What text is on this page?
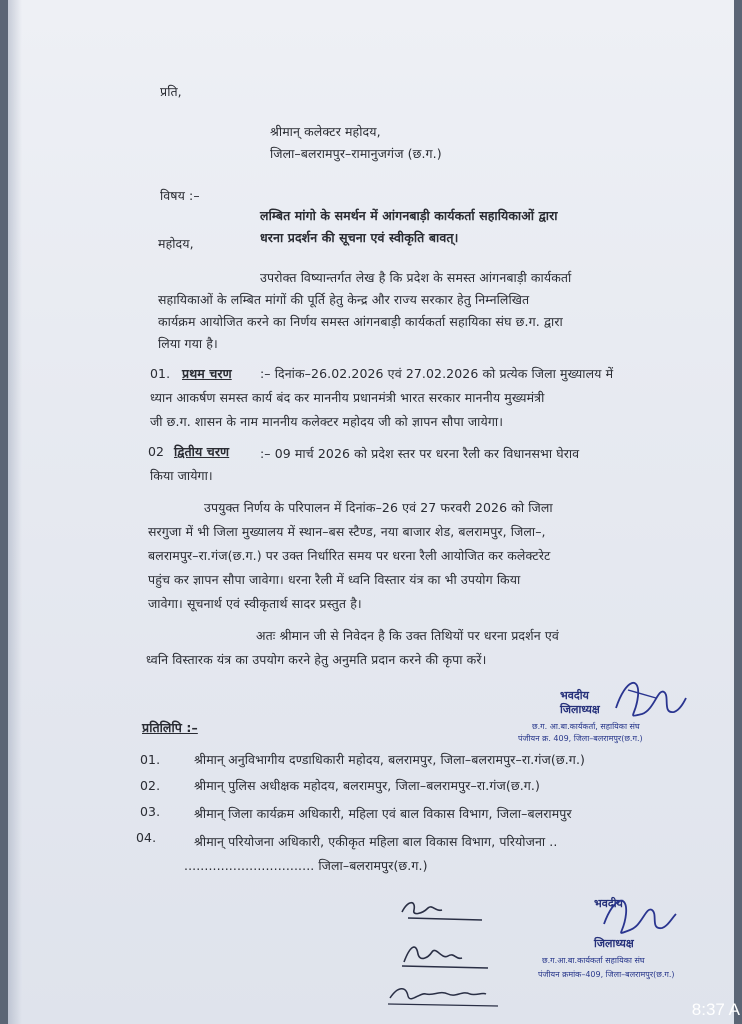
प्रति,
श्रीमान् कलेक्टर महोदय,
जिला–बलरामपुर–रामानुजगंज (छ.ग.)
विषय :–
लम्बित मांगो के समर्थन में आंगनबाड़ी कार्यकर्ता सहायिकाओं द्वारा
धरना प्रदर्शन की सूचना एवं स्वीकृति बावत्।
महोदय,
उपरोक्त विष्यान्तर्गत लेख है कि प्रदेश के समस्त आंगनबाड़ी कार्यकर्ता
सहायिकाओं के लम्बित मांगों की पूर्ति हेतु केन्द्र और राज्य सरकार हेतु निम्नलिखित
कार्यक्रम आयोजित करने का निर्णय समस्त आंगनबाड़ी कार्यकर्ता सहायिका संघ छ.ग. द्वारा
लिया गया है।
01. प्रथम चरण :– दिनांक–26.02.2026 एवं 27.02.2026 को प्रत्येक जिला मुख्यालय में
ध्यान आकर्षण समस्त कार्य बंद कर माननीय प्रधानमंत्री भारत सरकार माननीय मुख्यमंत्री
जी छ.ग. शासन के नाम माननीय कलेक्टर महोदय जी को ज्ञापन सौपा जायेगा।
02 द्वितीय चरण :– 09 मार्च 2026 को प्रदेश स्तर पर धरना रैली कर विधानसभा घेराव
किया जायेगा।
उपयुक्त निर्णय के परिपालन में दिनांक–26 एवं 27 फरवरी 2026 को जिला
सरगुजा में भी जिला मुख्यालय में स्थान–बस स्टैण्ड, नया बाजार शेड, बलरामपुर, जिला–,
बलरामपुर–रा.गंज(छ.ग.) पर उक्त निर्धारित समय पर धरना रैली आयोजित कर कलेक्टरेट
पहुंच कर ज्ञापन सौपा जावेगा। धरना रैली में ध्वनि विस्तार यंत्र का भी उपयोग किया
जावेगा। सूचनार्थ एवं स्वीकृतार्थ सादर प्रस्तुत है।
अतः श्रीमान जी से निवेदन है कि उक्त तिथियों पर धरना प्रदर्शन एवं
ध्वनि विस्तारक यंत्र का उपयोग करने हेतु अनुमति प्रदान करने की कृपा करें।
भवदीय
जिलाध्यक्ष
छ.ग. आ.बा.कार्यकर्ता, सहायिका संघ
पंजीयन क्र. 409, जिला–बलरामपुर(छ.ग.)
प्रतिलिपि :–
01.	श्रीमान् अनुविभागीय दण्डाधिकारी महोदय, बलरामपुर, जिला–बलरामपुर–रा.गंज(छ.ग.)
02.	श्रीमान् पुलिस अधीक्षक महोदय, बलरामपुर, जिला–बलरामपुर–रा.गंज(छ.ग.)
03.	श्रीमान् जिला कार्यक्रम अधिकारी, महिला एवं बाल विकास विभाग, जिला–बलरामपुर
04.	श्रीमान् परियोजना अधिकारी, एकीकृत महिला बाल विकास विभाग, परियोजना ..
................................ जिला–बलरामपुर(छ.ग.)
भवदीय
जिलाध्यक्ष
छ.ग.आ.बा.कार्यकर्ता सहायिका संघ
पंजीयन क्रमांक–409, जिला–बलरामपुर(छ.ग.)
8:37 A
